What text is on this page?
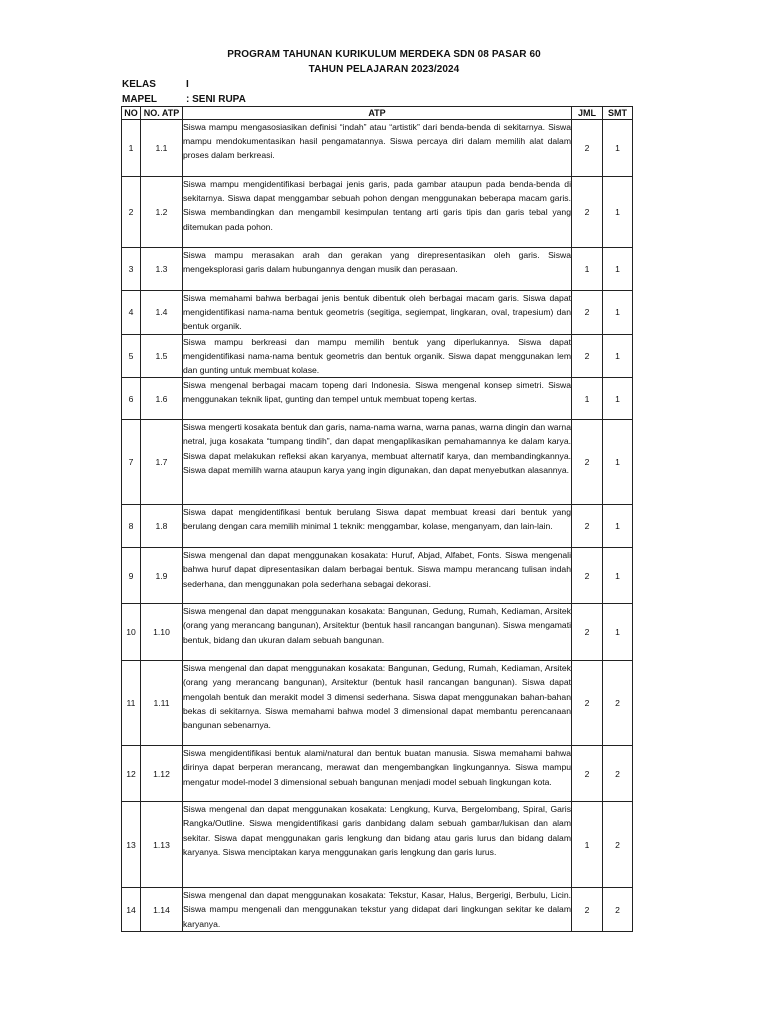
PROGRAM TAHUNAN KURIKULUM MERDEKA SDN 08 PASAR 60
TAHUN PELAJARAN 2023/2024
KELAS	I
MAPEL	: SENI RUPA
NO	NO. ATP	ATP	JML	SMT
1	1.1	Siswa mampu mengasosiasikan definisi “indah” atau “artistik” dari benda-benda di sekitarnya. Siswa mampu mendokumentasikan hasil pengamatannya. Siswa percaya diri dalam memilih alat dalam proses dalam berkreasi.	2	1
2	1.2	Siswa mampu mengidentifikasi berbagai jenis garis, pada gambar ataupun pada benda-benda di sekitarnya. Siswa dapat menggambar sebuah pohon dengan menggunakan beberapa macam garis. Siswa membandingkan dan mengambil kesimpulan tentang arti garis tipis dan garis tebal yang ditemukan pada pohon.	2	1
3	1.3	Siswa mampu merasakan arah dan gerakan yang direpresentasikan oleh garis. Siswa mengeksplorasi garis dalam hubungannya dengan musik dan perasaan.	1	1
4	1.4	Siswa memahami bahwa berbagai jenis bentuk dibentuk oleh berbagai macam garis. Siswa dapat mengidentifikasi nama-nama bentuk geometris (segitiga, segiempat, lingkaran, oval, trapesium) dan bentuk organik.	2	1
5	1.5	Siswa mampu berkreasi dan mampu memilih bentuk yang diperlukannya. Siswa dapat mengidentifikasi nama-nama bentuk geometris dan bentuk organik. Siswa dapat menggunakan lem dan gunting untuk membuat kolase.	2	1
6	1.6	Siswa mengenal berbagai macam topeng dari Indonesia. Siswa mengenal konsep simetri. Siswa menggunakan teknik lipat, gunting dan tempel untuk membuat topeng kertas.	1	1
7	1.7	Siswa mengerti kosakata bentuk dan garis, nama-nama warna, warna panas, warna dingin dan warna netral, juga kosakata “tumpang tindih”, dan dapat mengaplikasikan pemahamannya ke dalam karya. Siswa dapat melakukan refleksi akan karyanya, membuat alternatif karya, dan membandingkannya. Siswa dapat memilih warna ataupun karya yang ingin digunakan, dan dapat menyebutkan alasannya.	2	1
8	1.8	Siswa dapat mengidentifikasi bentuk berulang Siswa dapat membuat kreasi dari bentuk yang berulang dengan cara memilih minimal 1 teknik: menggambar, kolase, menganyam, dan lain-lain.	2	1
9	1.9	Siswa mengenal dan dapat menggunakan kosakata: Huruf, Abjad, Alfabet, Fonts. Siswa mengenali bahwa huruf dapat dipresentasikan dalam berbagai bentuk. Siswa mampu merancang tulisan indah sederhana, dan menggunakan pola sederhana sebagai dekorasi.	2	1
10	1.10	Siswa mengenal dan dapat menggunakan kosakata: Bangunan, Gedung, Rumah, Kediaman, Arsitek (orang yang merancang bangunan), Arsitektur (bentuk hasil rancangan bangunan). Siswa mengamati bentuk, bidang dan ukuran dalam sebuah bangunan.	2	1
11	1.11	Siswa mengenal dan dapat menggunakan kosakata: Bangunan, Gedung, Rumah, Kediaman, Arsitek (orang yang merancang bangunan), Arsitektur (bentuk hasil rancangan bangunan). Siswa dapat mengolah bentuk dan merakit model 3 dimensi sederhana. Siswa dapat menggunakan bahan-bahan bekas di sekitarnya. Siswa memahami bahwa model 3 dimensional dapat membantu perencanaan bangunan sebenarnya.	2	2
12	1.12	Siswa mengidentifikasi bentuk alami/natural dan bentuk buatan manusia. Siswa memahami bahwa dirinya dapat berperan merancang, merawat dan mengembangkan lingkungannya. Siswa mampu mengatur model-model 3 dimensional sebuah bangunan menjadi model sebuah lingkungan kota.	2	2
13	1.13	Siswa mengenal dan dapat menggunakan kosakata: Lengkung, Kurva, Bergelombang, Spiral, Garis Rangka/Outline. Siswa mengidentifikasi garis danbidang dalam sebuah gambar/lukisan dan alam sekitar. Siswa dapat menggunakan garis lengkung dan bidang atau garis lurus dan bidang dalam karyanya. Siswa menciptakan karya menggunakan garis lengkung dan garis lurus.	1	2
14	1.14	Siswa mengenal dan dapat menggunakan kosakata: Tekstur, Kasar, Halus, Bergerigi, Berbulu, Licin. Siswa mampu mengenali dan menggunakan tekstur yang didapat dari lingkungan sekitar ke dalam karyanya.	2	2
